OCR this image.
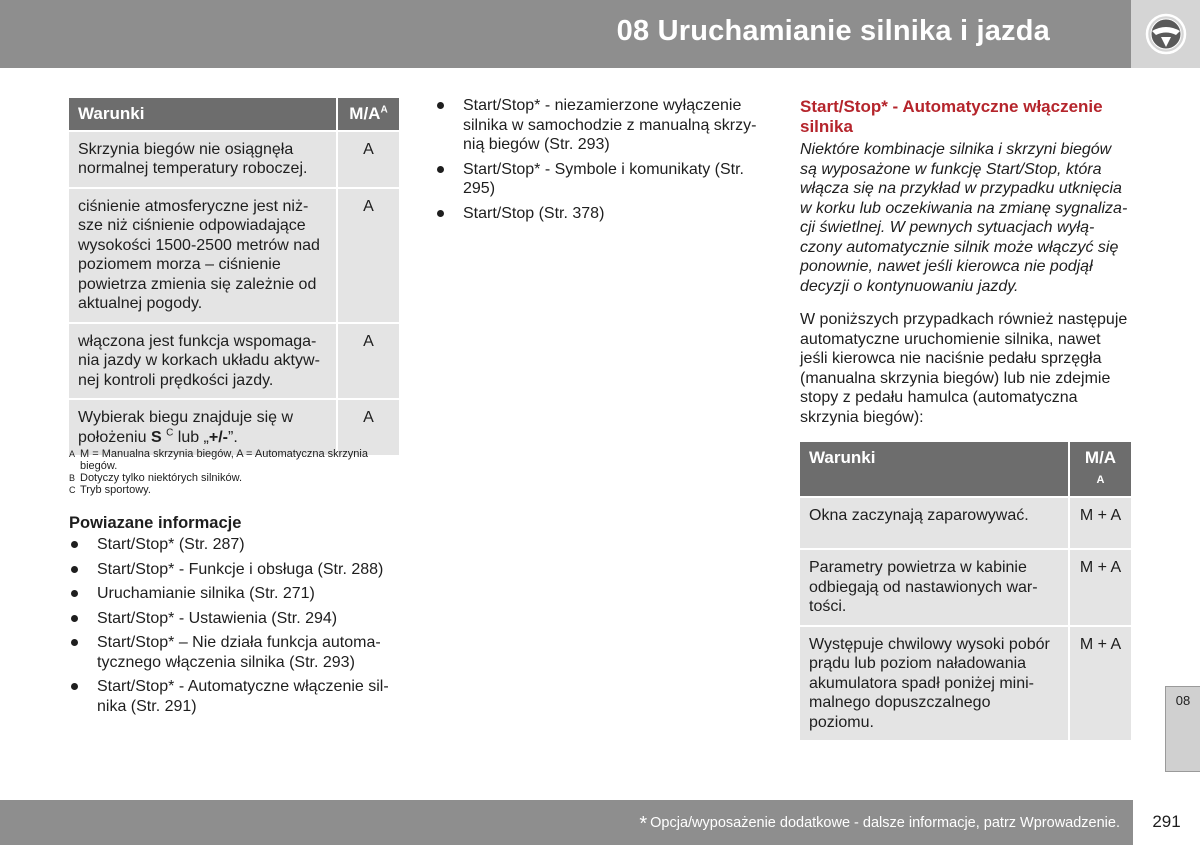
08 Uruchamianie silnika i jazda
Warunki	$M/A^A$
Skrzynia biegów nie osiągnęła normalnej temperatury roboczej.	A
ciśnienie atmosferyczne jest niższe niż ciśnienie odpowiadające wysokości 1500-2500 metrów nad poziomem morza – ciśnienie powietrza zmienia się zależnie od aktualnej pogody.	A
włączona jest funkcja wspomagania jazdy w korkach układu aktywnej kontroli prędkości jazdy.	A
Wybierak biegu znajduje się w położeniu S $^C$ lub „+/-”.	A
A M = Manualna skrzynia biegów, A = Automatyczna skrzynia biegów.
B Dotyczy tylko niektórych silników.
C Tryb sportowy.
Powiazane informacje
Start/Stop* (Str. 287)
Start/Stop* - Funkcje i obsługa (Str. 288)
Uruchamianie silnika (Str. 271)
Start/Stop* - Ustawienia (Str. 294)
Start/Stop* – Nie działa funkcja automatycznego włączenia silnika (Str. 293)
Start/Stop* - Automatyczne włączenie silnika (Str. 291)
Start/Stop* - niezamierzone wyłączenie silnika w samochodzie z manualną skrzynią biegów (Str. 293)
Start/Stop* - Symbole i komunikaty (Str. 295)
Start/Stop (Str. 378)
Start/Stop* - Automatyczne włączenie silnika
Niektóre kombinacje silnika i skrzyni biegów są wyposażone w funkcję Start/Stop, która włącza się na przykład w przypadku utknięcia w korku lub oczekiwania na zmianę sygnalizacji świetlnej. W pewnych sytuacjach wyłączony automatycznie silnik może włączyć się ponownie, nawet jeśli kierowca nie podjął decyzji o kontynuowaniu jazdy.
W poniższych przypadkach również następuje automatyczne uruchomienie silnika, nawet jeśli kierowca nie naciśnie pedału sprzęgła (manualna skrzynia biegów) lub nie zdejmie stopy z pedału hamulca (automatyczna skrzynia biegów):
Warunki	M/A
A
Okna zaczynają zaparowywać.	M + A
Parametry powietrza w kabinie odbiegają od nastawionych wartości.	M + A
Występuje chwilowy wysoki pobór prądu lub poziom naładowania akumulatora spadł poniżej minimalnego dopuszczalnego poziomu.	M + A
08
* Opcja/wyposażenie dodatkowe - dalsze informacje, patrz Wprowadzenie.	291
